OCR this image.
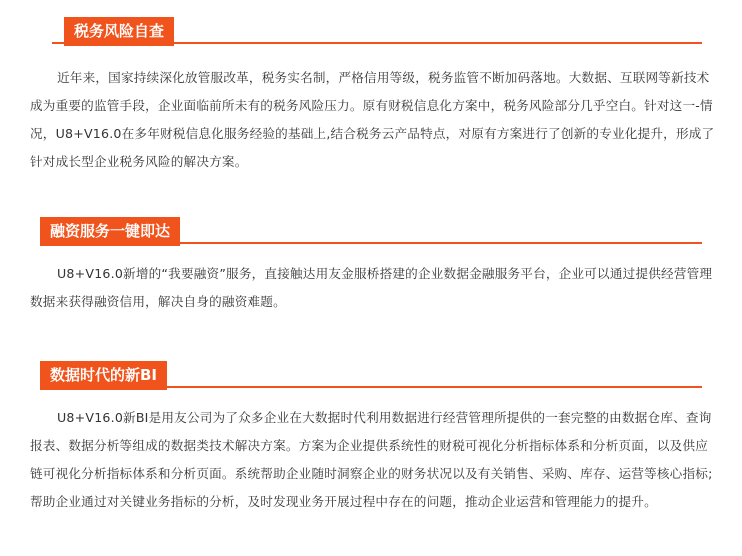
税务风险自查

近年来，国家持续深化放管服改革，税务实名制，严格信用等级，税务监管不断加码落地。大数据、互联网等新技术成为重要的监管手段，企业面临前所未有的税务风险压力。原有财税信息化方案中，税务风险部分几乎空白。针对这一-情况，U8+V16.0在多年财税信息化服务经验的基础上,结合税务云产品特点，对原有方案进行了创新的专业化提升，形成了针对成长型企业税务风险的解决方案。

融资服务一键即达

U8+V16.0新增的“我要融资”服务，直接触达用友金服桥搭建的企业数据金融服务平台，企业可以通过提供经营管理数据来获得融资信用，解决自身的融资难题。

数据时代的新BI

U8+V16.0新BI是用友公司为了众多企业在大数据时代利用数据进行经营管理所提供的一套完整的由数据仓库、查询报表、数据分析等组成的数据类技术解决方案。方案为企业提供系统性的财税可视化分析指标体系和分析页面，以及供应链可视化分析指标体系和分析页面。系统帮助企业随时洞察企业的财务状况以及有关销售、采购、库存、运营等核心指标;帮助企业通过对关键业务指标的分析，及时发现业务开展过程中存在的问题，推动企业运营和管理能力的提升。
